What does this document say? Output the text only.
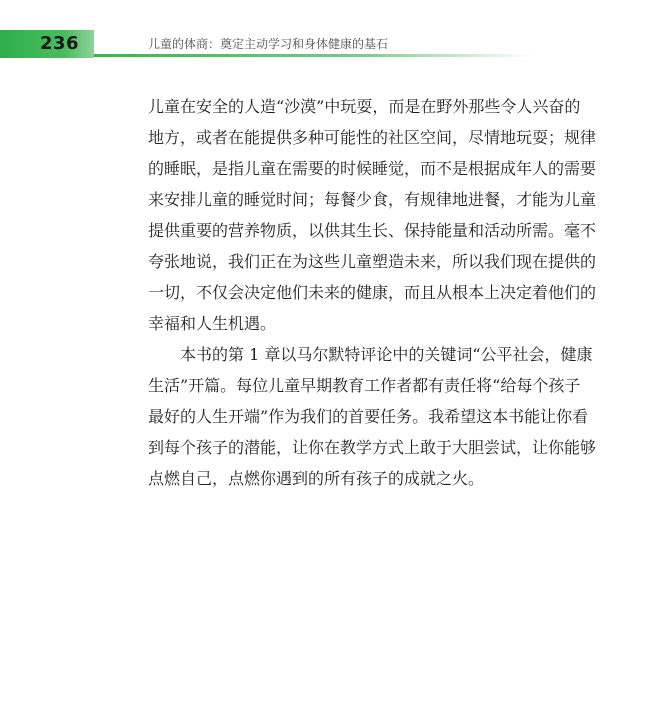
236	儿童的体商：奠定主动学习和身体健康的基石
儿童在安全的人造“沙漠”中玩耍，而是在野外那些令人兴奋的
地方，或者在能提供多种可能性的社区空间，尽情地玩耍；规律
的睡眠，是指儿童在需要的时候睡觉，而不是根据成年人的需要
来安排儿童的睡觉时间；每餐少食，有规律地进餐，才能为儿童
提供重要的营养物质，以供其生长、保持能量和活动所需。毫不
夸张地说，我们正在为这些儿童塑造未来，所以我们现在提供的
一切，不仅会决定他们未来的健康，而且从根本上决定着他们的
幸福和人生机遇。
本书的第 1 章以马尔默特评论中的关键词“公平社会，健康
生活”开篇。每位儿童早期教育工作者都有责任将“给每个孩子
最好的人生开端”作为我们的首要任务。我希望这本书能让你看
到每个孩子的潜能，让你在教学方式上敢于大胆尝试，让你能够
点燃自己，点燃你遇到的所有孩子的成就之火。
